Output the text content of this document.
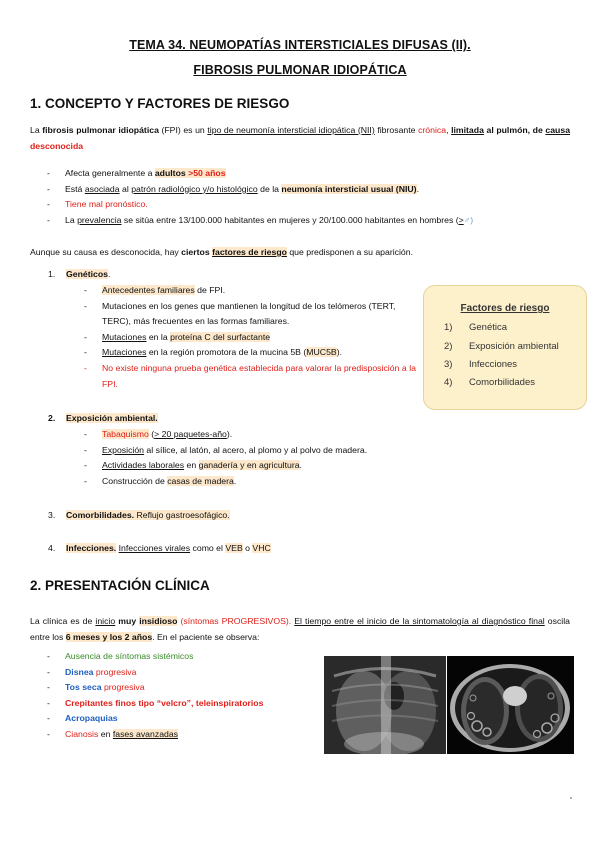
TEMA 34. NEUMOPATÍAS INTERSTICIALES DIFUSAS (II).
FIBROSIS PULMONAR IDIOPÁTICA
1. CONCEPTO Y FACTORES DE RIESGO
La fibrosis pulmonar idiopática (FPI) es un tipo de neumonía intersticial idiopática (NII) fibrosante crónica, limitada al pulmón, de causa desconocida
- Afecta generalmente a adultos >50 años
- Está asociada al patrón radiológico y/o histológico de la neumonía intersticial usual (NIU).
- Tiene mal pronóstico.
- La prevalencia se sitúa entre 13/100.000 habitantes en mujeres y 20/100.000 habitantes en hombres (>♂)
Aunque su causa es desconocida, hay ciertos factores de riesgo que predisponen a su aparición.
1. Genéticos.
- Antecedentes familiares de FPI.
- Mutaciones en los genes que mantienen la longitud de los telómeros (TERT, TERC), más frecuentes en las formas familiares.
- Mutaciones en la proteína C del surfactante
- Mutaciones en la región promotora de la mucina 5B (MUC5B).
- No existe ninguna prueba genética establecida para valorar la predisposición a la FPI.
Factores de riesgo
1) Genética
2) Exposición ambiental
3) Infecciones
4) Comorbilidades
2. Exposición ambiental.
- Tabaquismo (> 20 paquetes-año).
- Exposición al sílice, al latón, al acero, al plomo y al polvo de madera.
- Actividades laborales en ganadería y en agricultura.
- Construcción de casas de madera.
3. Comorbilidades. Reflujo gastroesofágico.
4. Infecciones. Infecciones virales como el VEB o VHC
2. PRESENTACIÓN CLÍNICA
La clínica es de inicio muy insidioso (síntomas PROGRESIVOS). El tiempo entre el inicio de la sintomatología al diagnóstico final oscila entre los 6 meses y los 2 años. En el paciente se observa:
- Ausencia de síntomas sistémicos
- Disnea progresiva
- Tos seca progresiva
- Crepitantes finos tipo “velcro”, teleinspiratorios
- Acropaquias
- Cianosis en fases avanzadas
